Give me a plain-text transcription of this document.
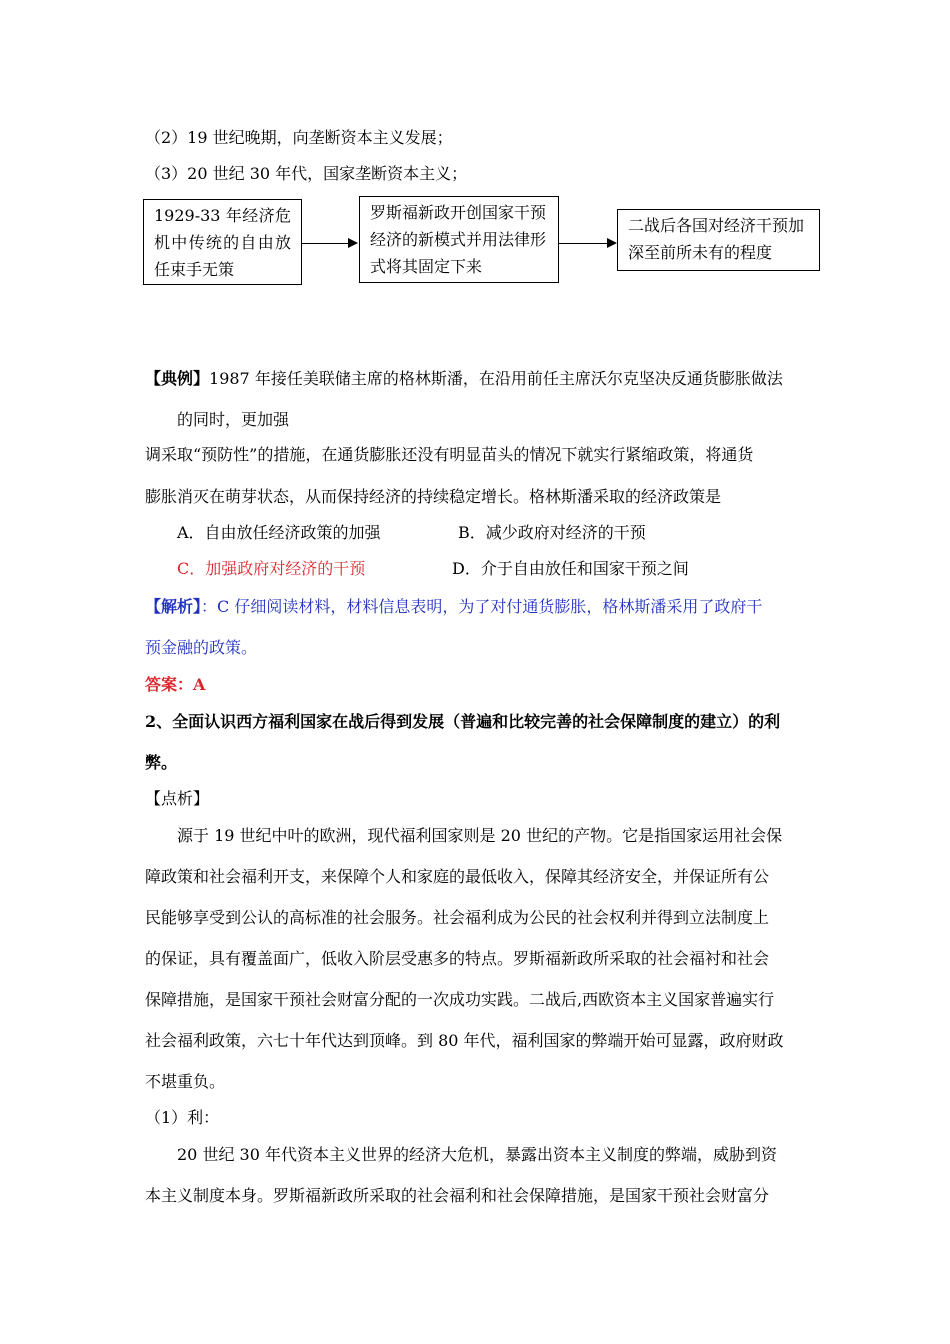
（2）19 世纪晚期，向垄断资本主义发展；
（3）20 世纪 30 年代，国家垄断资本主义；
1929-33 年经济危机中传统的自由放任束手无策
罗斯福新政开创国家干预经济的新模式并用法律形式将其固定下来
二战后各国对经济干预加深至前所未有的程度
【典例】1987 年接任美联储主席的格林斯潘，在沿用前任主席沃尔克坚决反通货膨胀做法
的同时，更加强
调采取“预防性”的措施，在通货膨胀还没有明显苗头的情况下就实行紧缩政策，将通货
膨胀消灭在萌芽状态，从而保持经济的持续稳定增长。格林斯潘采取的经济政策是
A．自由放任经济政策的加强	B．减少政府对经济的干预
C．加强政府对经济的干预	D．介于自由放任和国家干预之间
【解析】：C 仔细阅读材料，材料信息表明，为了对付通货膨胀，格林斯潘采用了政府干
预金融的政策。
答案：A
2、全面认识西方福利国家在战后得到发展（普遍和比较完善的社会保障制度的建立）的利
弊。
【点析】
源于 19 世纪中叶的欧洲，现代福利国家则是 20 世纪的产物。它是指国家运用社会保
障政策和社会福利开支，来保障个人和家庭的最低收入，保障其经济安全，并保证所有公
民能够享受到公认的高标准的社会服务。社会福利成为公民的社会权利并得到立法制度上
的保证，具有覆盖面广，低收入阶层受惠多的特点。罗斯福新政所采取的社会福衬和社会
保障措施，是国家干预社会财富分配的一次成功实践。二战后,西欧资本主义国家普遍实行
社会福利政策，六七十年代达到顶峰。到 80 年代，福利国家的弊端开始可显露，政府财政
不堪重负。
（1）利：
20 世纪 30 年代资本主义世界的经济大危机，暴露出资本主义制度的弊端，威胁到资
本主义制度本身。罗斯福新政所采取的社会福利和社会保障措施，是国家干预社会财富分
